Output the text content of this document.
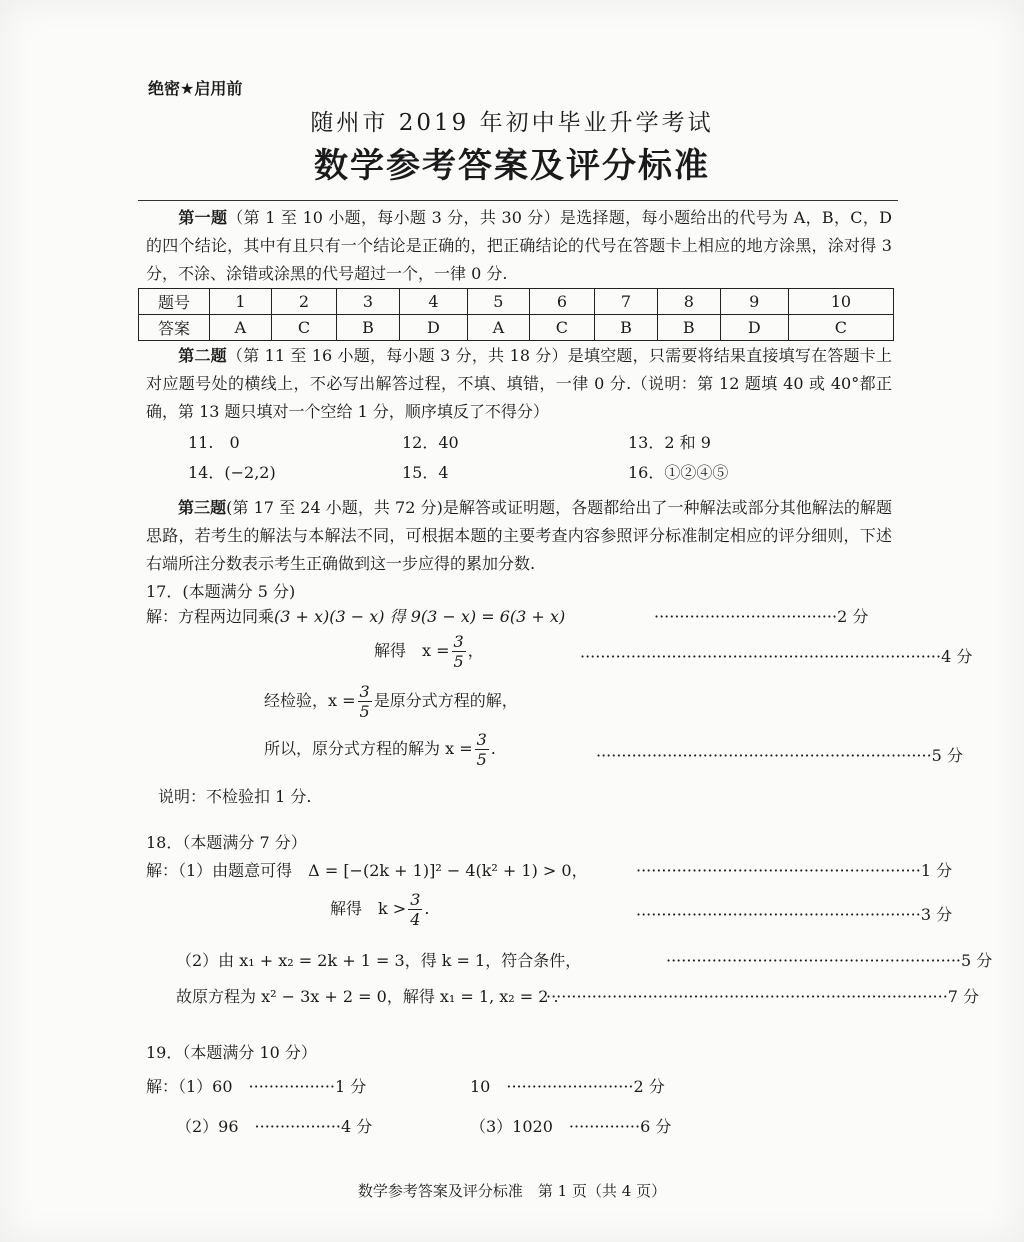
绝密★启用前
随州市 2019 年初中毕业升学考试
数学参考答案及评分标准
第一题（第 1 至 10 小题，每小题 3 分，共 30 分）是选择题，每小题给出的代号为 A，B，C，D 的四个结论，其中有且只有一个结论是正确的，把正确结论的代号在答题卡上相应的地方涂黑，涂对得 3 分，不涂、涂错或涂黑的代号超过一个，一律 0 分.
题号	1	2	3	4	5	6	7	8	9	10
答案	A	C	B	D	A	C	B	B	D	C
第二题（第 11 至 16 小题，每小题 3 分，共 18 分）是填空题，只需要将结果直接填写在答题卡上对应题号处的横线上，不必写出解答过程，不填、填错，一律 0 分.（说明：第 12 题填 40 或 40°都正确，第 13 题只填对一个空给 1 分，顺序填反了不得分）
11.　0	12．40	13．2 和 9
14．(−2,2)	15．4	16．①②④⑤
第三题(第 17 至 24 小题，共 72 分)是解答或证明题，各题都给出了一种解法或部分其他解法的解题思路，若考生的解法与本解法不同，可根据本题的主要考查内容参照评分标准制定相应的评分细则，下述右端所注分数表示考生正确做到这一步应得的累加分数.
17．(本题满分 5 分)
解：方程两边同乘(3 + x)(3 − x) 得 9(3 − x) = 6(3 + x)	····································2 分
解得　$x = \frac{3}{5}$ ，	·······································································4 分
经检验，$x = \frac{3}{5}$ 是原分式方程的解，
所以，原分式方程的解为 $x = \frac{3}{5}$ .	··································································5 分
说明：不检验扣 1 分.
18．（本题满分 7 分）
解：（1）由题意可得　Δ = [−(2k + 1)]² − 4(k² + 1) > 0，	························································1 分
解得　$k > \frac{3}{4}$ .	························································3 分
（2）由 x₁ + x₂ = 2k + 1 = 3，得 k = 1，符合条件，	··························································5 分
故原方程为 x² − 3x + 2 = 0，解得 x₁ = 1, x₂ = 2 .
···············································································7 分
19．（本题满分 10 分）
解：（1）60　·················1 分	10　·························2 分
（2）96　·················4 分	（3）1020　··············6 分
数学参考答案及评分标准　第 1 页（共 4 页）
